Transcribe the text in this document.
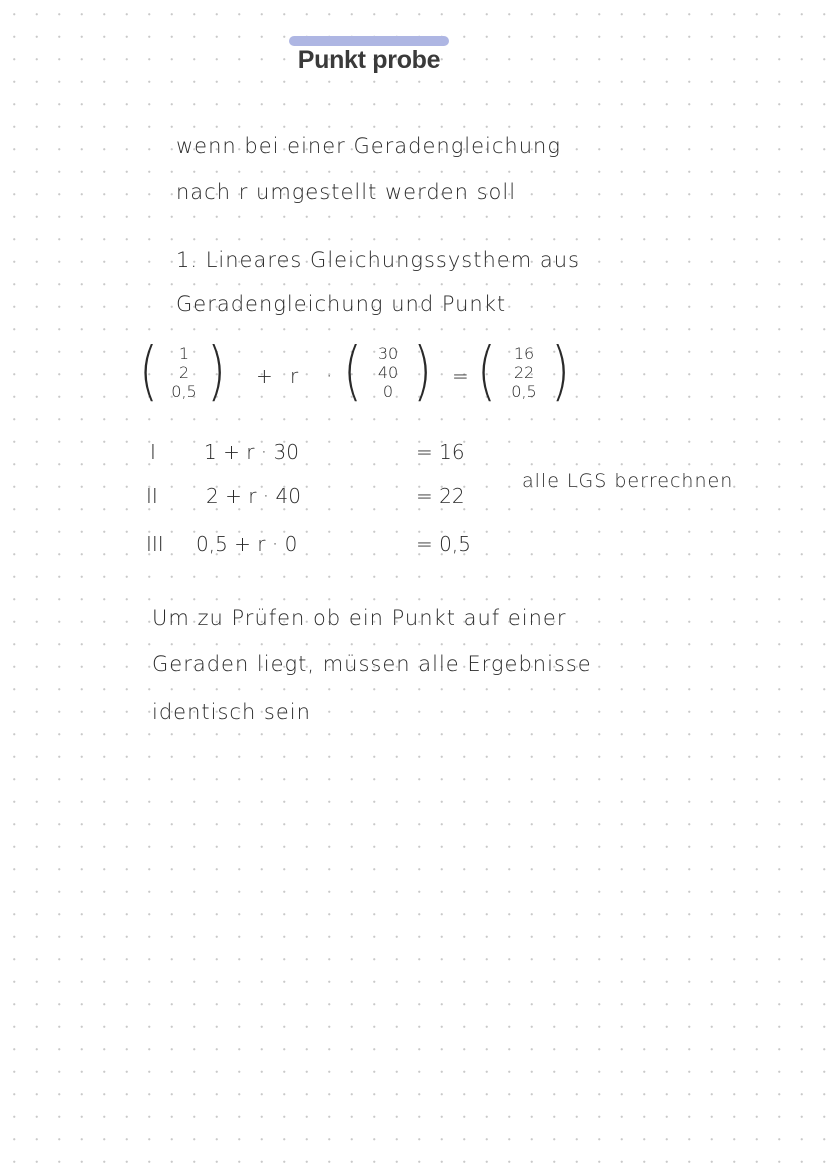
Punkt probe
wenn bei einer Geradengleichung
nach r umgestellt werden soll
1. Lineares Gleichungssysthem aus
Geradengleichung und Punkt
( 1
2
0,5 ) + r · ( 30
40
0 ) = ( 16
22
0,5 )
I 1 + r · 30	= 16
II 2 + r · 40	= 22
III 0,5 + r · 0	= 0,5
alle LGS berrechnen
Um zu Prüfen ob ein Punkt auf einer
Geraden liegt, müssen alle Ergebnisse
identisch sein
